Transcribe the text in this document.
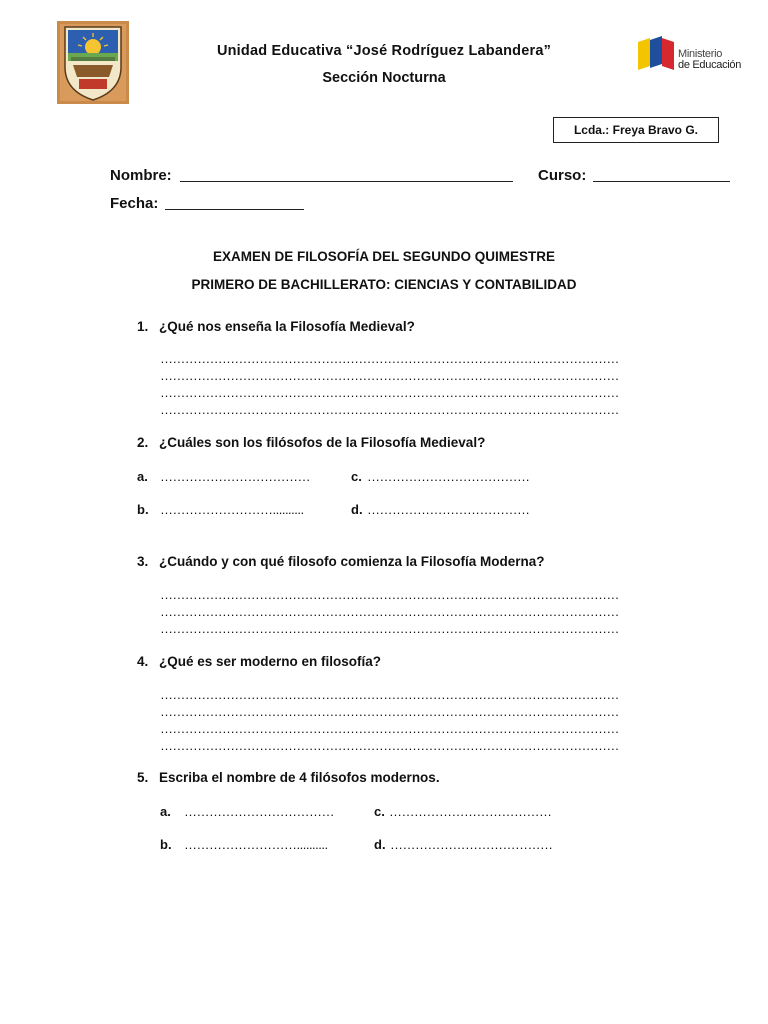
Unidad Educativa “José Rodríguez Labandera”
Sección Nocturna
Ministerio
de Educación
Lcda.: Freya Bravo G.
Nombre:	Curso:
Fecha:
EXAMEN DE FILOSOFÍA DEL SEGUNDO QUIMESTRE
PRIMERO DE BACHILLERATO: CIENCIAS Y CONTABILIDAD
1. ¿Qué nos enseña la Filosofía Medieval?
…………………………………………………………………………………………………
…………………………………………………………………………………………………
…………………………………………………………………………………………………
…………………………………………………………………………………………………
2. ¿Cuáles son los filósofos de la Filosofía Medieval?
a. ………………………………	c. …………………………………
b. ………………………..........	d. …………………………………
3. ¿Cuándo y con qué filosofo comienza la Filosofía Moderna?
…………………………………………………………………………………………………
…………………………………………………………………………………………………
…………………………………………………………………………………………………
4. ¿Qué es ser moderno en filosofía?
…………………………………………………………………………………………………
…………………………………………………………………………………………………
…………………………………………………………………………………………………
…………………………………………………………………………………………………
5. Escriba el nombre de 4 filósofos modernos.
a. ………………………………	c. …………………………………
b. ………………………..........	d. …………………………………
